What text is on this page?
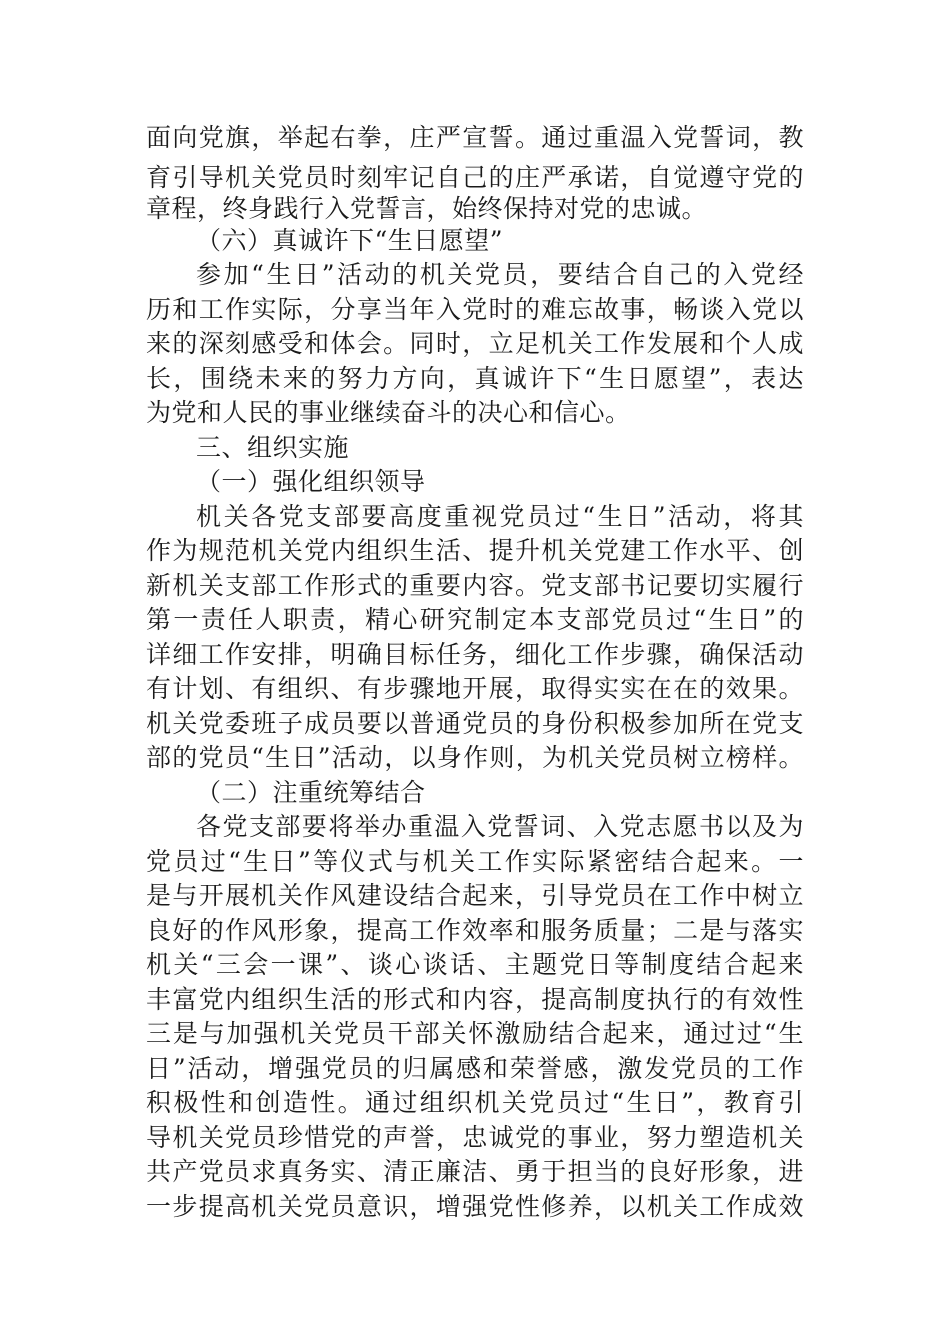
面向党旗，举起右拳，庄严宣誓。通过重温入党誓词，教
育引导机关党员时刻牢记自己的庄严承诺，自觉遵守党的
章程，终身践行入党誓言，始终保持对党的忠诚。
（六）真诚许下“生日愿望”
参加“生日”活动的机关党员，要结合自己的入党经
历和工作实际，分享当年入党时的难忘故事，畅谈入党以
来的深刻感受和体会。同时，立足机关工作发展和个人成
长，围绕未来的努力方向，真诚许下“生日愿望”，表达
为党和人民的事业继续奋斗的决心和信心。
三、组织实施
（一）强化组织领导
机关各党支部要高度重视党员过“生日”活动，将其
作为规范机关党内组织生活、提升机关党建工作水平、创
新机关支部工作形式的重要内容。党支部书记要切实履行
第一责任人职责，精心研究制定本支部党员过“生日”的
详细工作安排，明确目标任务，细化工作步骤，确保活动
有计划、有组织、有步骤地开展，取得实实在在的效果。
机关党委班子成员要以普通党员的身份积极参加所在党支
部的党员“生日”活动，以身作则，为机关党员树立榜样。
（二）注重统筹结合
各党支部要将举办重温入党誓词、入党志愿书以及为
党员过“生日”等仪式与机关工作实际紧密结合起来。一
是与开展机关作风建设结合起来，引导党员在工作中树立
良好的作风形象，提高工作效率和服务质量；二是与落实
机关“三会一课”、谈心谈话、主题党日等制度结合起来
丰富党内组织生活的形式和内容，提高制度执行的有效性
三是与加强机关党员干部关怀激励结合起来，通过过“生
日”活动，增强党员的归属感和荣誉感，激发党员的工作
积极性和创造性。通过组织机关党员过“生日”，教育引
导机关党员珍惜党的声誉，忠诚党的事业，努力塑造机关
共产党员求真务实、清正廉洁、勇于担当的良好形象，进
一步提高机关党员意识，增强党性修养，以机关工作成效
